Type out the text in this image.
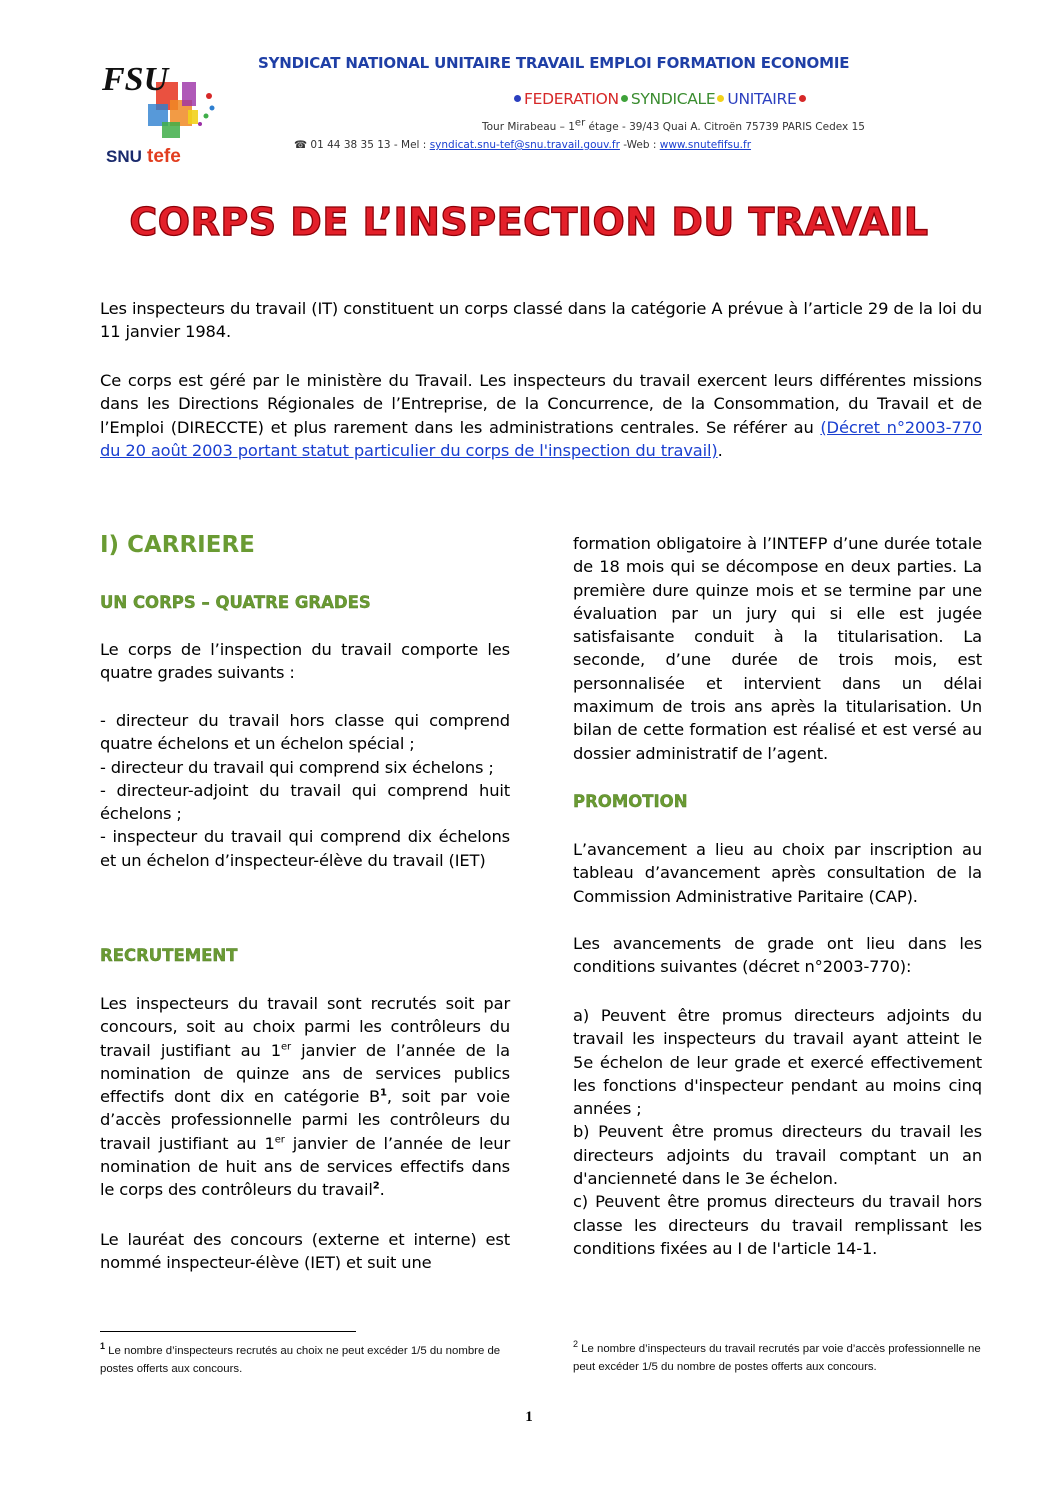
FSU
SNU tefe
SYNDICAT NATIONAL UNITAIRE TRAVAIL EMPLOI FORMATION ECONOMIE
FEDERATION SYNDICALE UNITAIRE
Tour Mirabeau – 1er étage - 39/43 Quai A. Citroën 75739 PARIS Cedex 15
☎ 01 44 38 35 13 - Mel : syndicat.snu-tef@snu.travail.gouv.fr -Web : www.snutefifsu.fr
CORPS DE L’INSPECTION DU TRAVAIL
Les inspecteurs du travail (IT) constituent un corps classé dans la catégorie A prévue à l’article 29 de la loi du 11 janvier 1984.
Ce corps est géré par le ministère du Travail. Les inspecteurs du travail exercent leurs différentes missions dans les Directions Régionales de l’Entreprise, de la Concurrence, de la Consommation, du Travail et de l’Emploi (DIRECCTE) et plus rarement dans les administrations centrales. Se référer au (Décret n°2003-770 du 20 août 2003 portant statut particulier du corps de l'inspection du travail).
I) CARRIERE
UN CORPS – QUATRE GRADES
Le corps de l’inspection du travail comporte les quatre grades suivants :
- directeur du travail hors classe qui comprend quatre échelons et un échelon spécial ;
- directeur du travail qui comprend six échelons ;
- directeur-adjoint du travail qui comprend huit échelons ;
- inspecteur du travail qui comprend dix échelons et un échelon d’inspecteur-élève du travail (IET)
RECRUTEMENT
Les inspecteurs du travail sont recrutés soit par concours, soit au choix parmi les contrôleurs du travail justifiant au 1er janvier de l’année de la nomination de quinze ans de services publics effectifs dont dix en catégorie $B^1$, soit par voie d’accès professionnelle parmi les contrôleurs du travail justifiant au 1er janvier de l’année de leur nomination de huit ans de services effectifs dans le corps des contrôleurs du travail$^2$.
Le lauréat des concours (externe et interne) est nommé inspecteur-élève (IET) et suit une
formation obligatoire à l’INTEFP d’une durée totale de 18 mois qui se décompose en deux parties. La première dure quinze mois et se termine par une évaluation par un jury qui si elle est jugée satisfaisante conduit à la titularisation. La seconde, d’une durée de trois mois, est personnalisée et intervient dans un délai maximum de trois ans après la titularisation. Un bilan de cette formation est réalisé et est versé au dossier administratif de l’agent.
PROMOTION
L’avancement a lieu au choix par inscription au tableau d’avancement après consultation de la Commission Administrative Paritaire (CAP).
Les avancements de grade ont lieu dans les conditions suivantes (décret n°2003-770):
a) Peuvent être promus directeurs adjoints du travail les inspecteurs du travail ayant atteint le 5e échelon de leur grade et exercé effectivement les fonctions d'inspecteur pendant au moins cinq années ;
b) Peuvent être promus directeurs du travail les directeurs adjoints du travail comptant un an d'ancienneté dans le 3e échelon.
c) Peuvent être promus directeurs du travail hors classe les directeurs du travail remplissant les conditions fixées au I de l'article 14-1.
$^1$ Le nombre d’inspecteurs recrutés au choix ne peut excéder 1/5 du nombre de postes offerts aux concours.
$^2$ Le nombre d’inspecteurs du travail recrutés par voie d’accès professionnelle ne peut excéder 1/5 du nombre de postes offerts aux concours.
1
